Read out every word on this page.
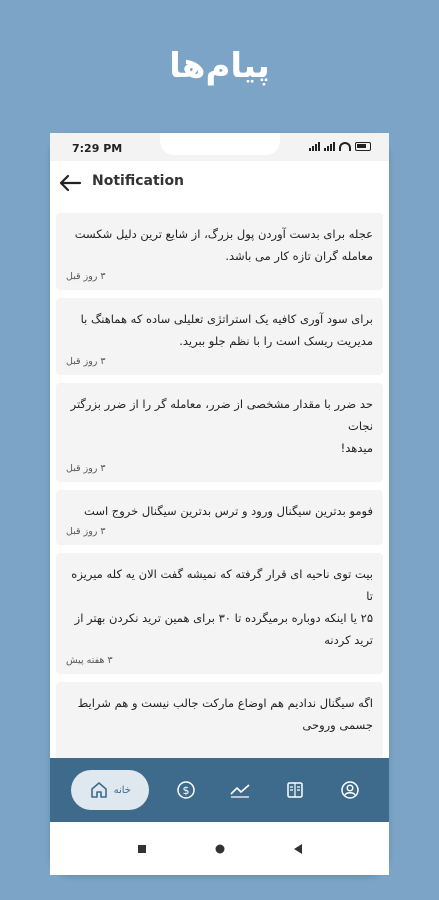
پیام‌ها
7:29 PM
Notification
عجله برای بدست آوردن پول بزرگ، از شایع ترین دلیل شکست
معامله گران تازه کار می باشد.
۳ روز قبل
برای سود آوری کافیه یک استراتژی تعلیلی ساده که هماهنگ با
مدیریت ریسک است را با نظم جلو ببرید.
۳ روز قبل
حد ضرر با مقدار مشخصی از ضرر، معامله گر را از ضرر بزرگتر نجات
میدهد!
۳ روز قبل
فومو بدترین سیگنال ورود و ترس بدترین سیگنال خروج است
۳ روز قبل
بیت توی ناحیه ای قرار گرفته که نمیشه گفت الان یه کله میریزه تا
۲۵ یا اینکه دوباره برمیگرده تا ۳۰ برای همین ترید نکردن بهتر از
ترید کردنه
۳ هفته پیش
اگه سیگنال ندادیم هم اوضاع مارکت جالب نیست و هم شرایط
جسمی وروحی

خانه	$
